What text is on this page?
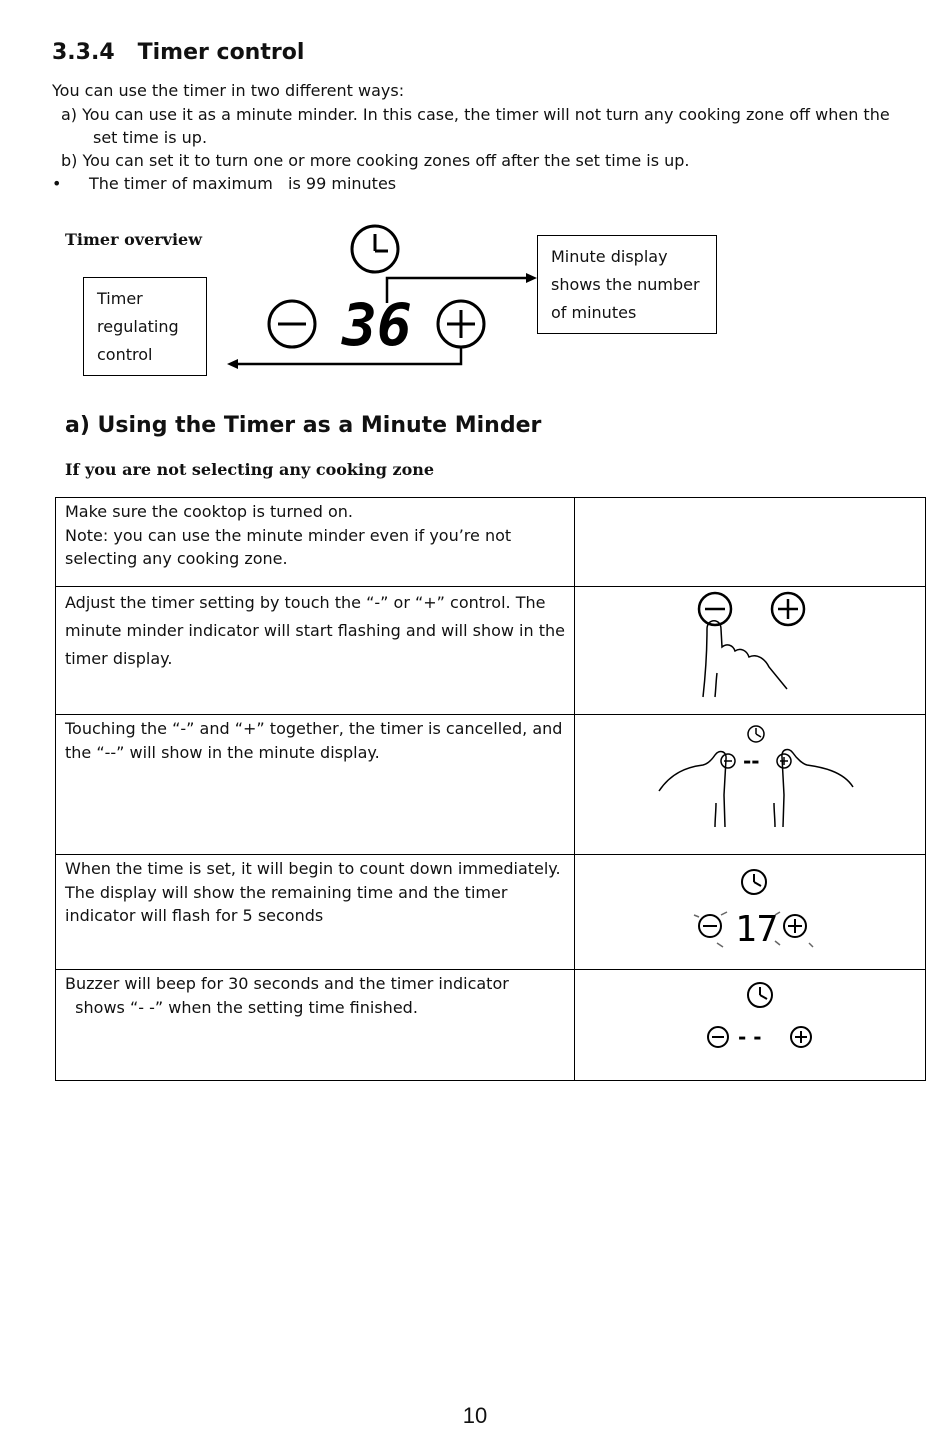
3.3.4 Timer control
You can use the timer in two different ways:
a) You can use it as a minute minder. In this case, the timer will not turn any cooking zone off when the
set time is up.
b) You can set it to turn one or more cooking zones off after the set time is up.
• The timer of maximum   is 99 minutes
Timer overview
Timer
regulating
control
Minute display
shows the number
of minutes
36
a) Using the Timer as a Minute Minder
If you are not selecting any cooking zone
Make sure the cooktop is turned on.
Note: you can use the minute minder even if you’re not
selecting any cooking zone.	

Adjust the timer setting by touch the “-” or “+” control. The
minute minder indicator will start flashing and will show in the
timer display.

Touching the “-” and “+” together, the timer is cancelled, and
the “--” will show in the minute display.	--

When the time is set, it will begin to count down immediately.
The display will show the remaining time and the timer
indicator will flash for 5 seconds	17

Buzzer will beep for 30 seconds and the timer indicator
shows “- -” when the setting time finished.	- -
10
